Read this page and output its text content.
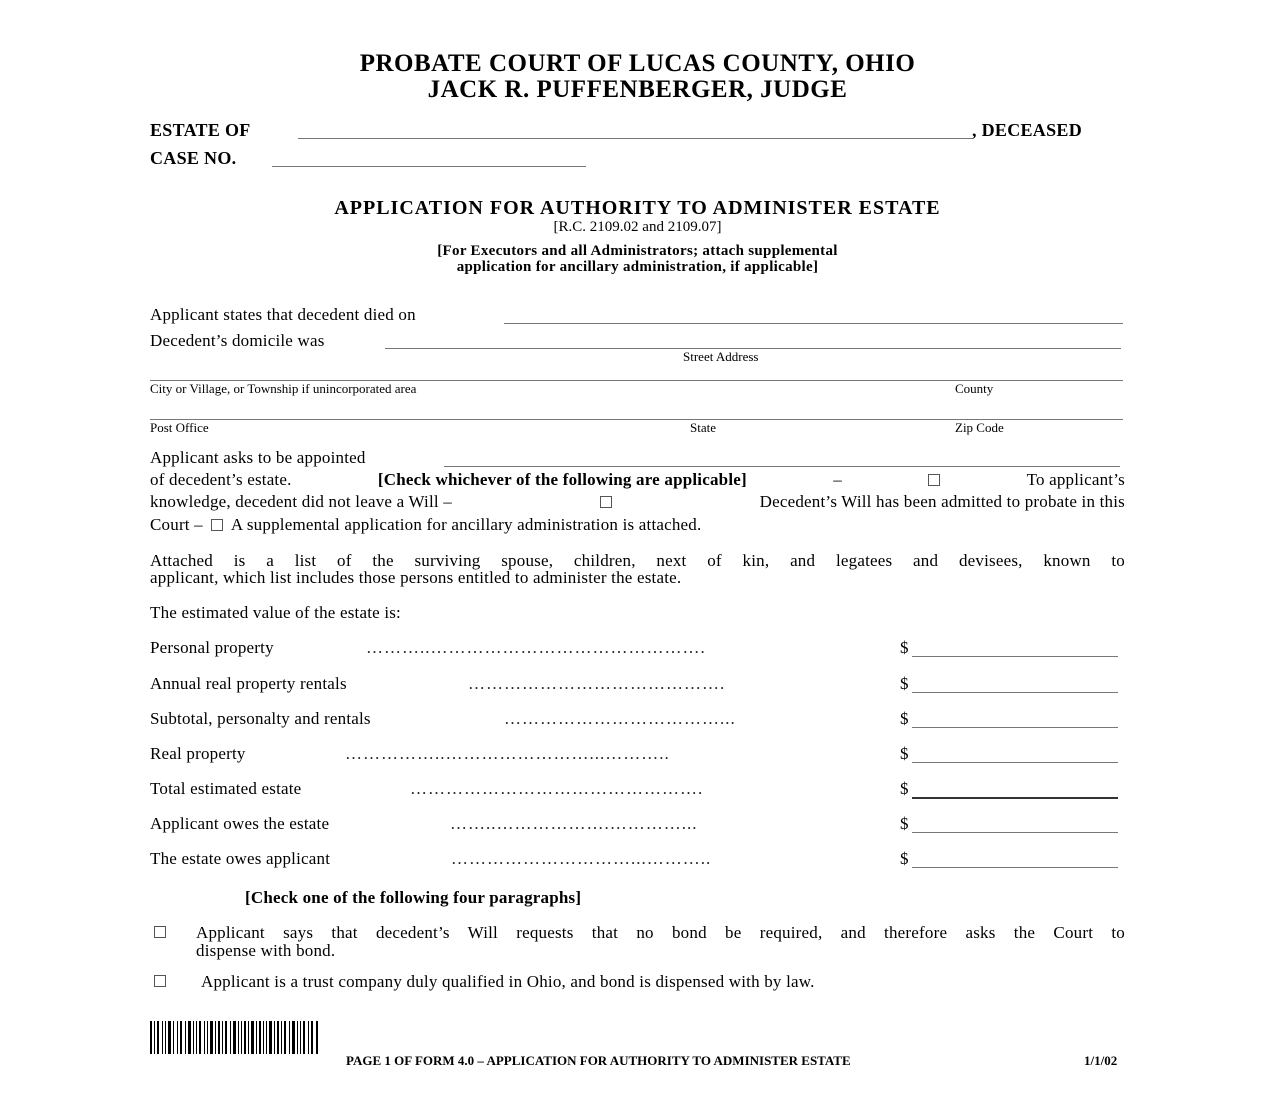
PROBATE COURT OF LUCAS COUNTY, OHIO
JACK R. PUFFENBERGER, JUDGE
ESTATE OF	, DECEASED
CASE NO.
APPLICATION FOR AUTHORITY TO ADMINISTER ESTATE
[R.C. 2109.02 and 2109.07]
[For Executors and all Administrators; attach supplemental
application for ancillary administration, if applicable]
Applicant states that decedent died on
Decedent’s domicile was
Street Address
City or Village, or Township if unincorporated area	County
Post Office	State	Zip Code
Applicant asks to be appointed
of decedent’s estate.	[Check whichever of the following are applicable]	–	To applicant’s
knowledge, decedent did not leave a Will –	Decedent’s Will has been admitted to probate in this
Court – A supplemental application for ancillary administration is attached.
Attached is a list of the surviving spouse, children, next of kin, and legatees and devisees, known to
applicant, which list includes those persons entitled to administer the estate.
The estimated value of the estate is:
Personal property	………..……………………………………….	$
Annual real property rentals	…………………………………….	$
Subtotal, personalty and rentals	………………………………...	$
Real property	……………..……………………...………..	$
Total estimated estate	………………………………………….	$
Applicant owes the estate	……..……………….…………...	$
The estate owes applicant	…………………………...………..	$
[Check one of the following four paragraphs]
Applicant says that decedent’s Will requests that no bond be required, and therefore asks the Court to
dispense with bond.
Applicant is a trust company duly qualified in Ohio, and bond is dispensed with by law.
PAGE 1 OF FORM 4.0 – APPLICATION FOR AUTHORITY TO ADMINISTER ESTATE	1/1/02
